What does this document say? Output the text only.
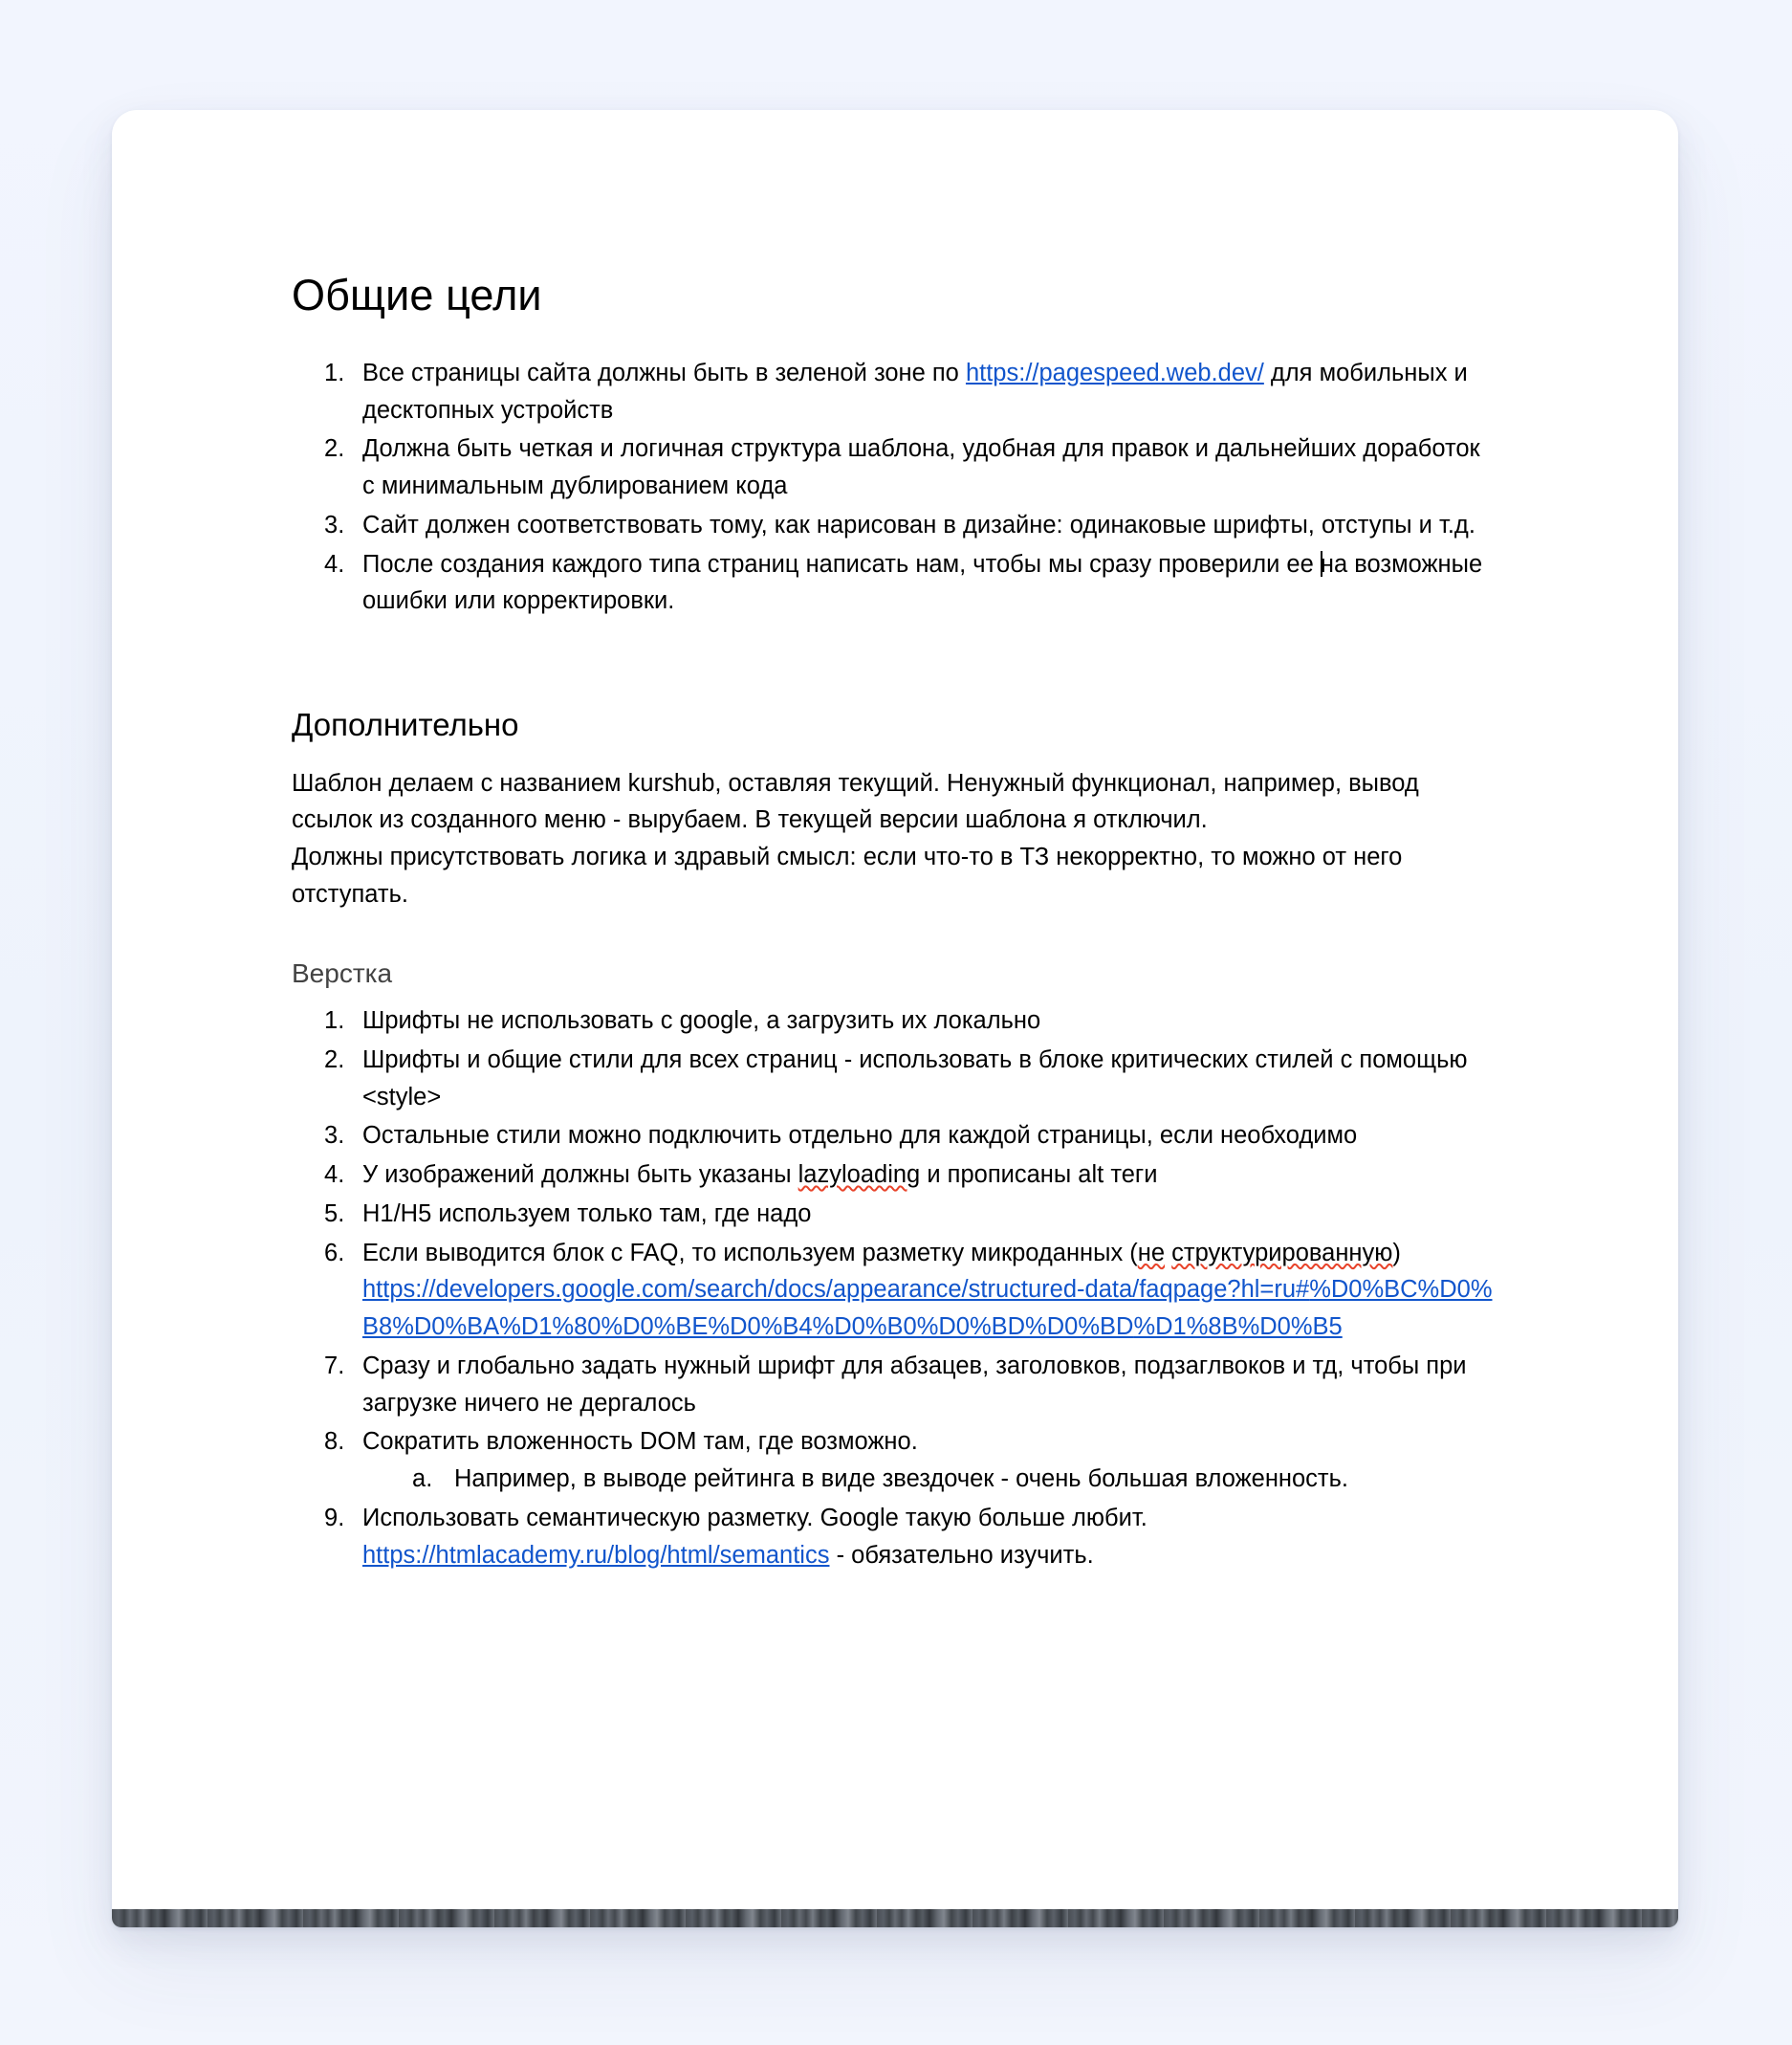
Общие цели
Все страницы сайта должны быть в зеленой зоне по https://pagespeed.web.dev/ для мобильных и десктопных устройств
Должна быть четкая и логичная структура шаблона, удобная для правок и дальнейших доработок с минимальным дублированием кода
Сайт должен соответствовать тому, как нарисован в дизайне: одинаковые шрифты, отступы и т.д.
После создания каждого типа страниц написать нам, чтобы мы сразу проверили ее на возможные ошибки или корректировки.
Дополнительно

Шаблон делаем с названием kurshub, оставляя текущий. Ненужный функционал, например, вывод ссылок из созданного меню - вырубаем. В текущей версии шаблона я отключил.

Должны присутствовать логика и здравый смысл: если что-то в ТЗ некорректно, то можно от него отступать.

Верстка
Шрифты не использовать с google, а загрузить их локально
Шрифты и общие стили для всех страниц - использовать в блоке критических стилей с помощью <style>
Остальные стили можно подключить отдельно для каждой страницы, если необходимо
У изображений должны быть указаны lazyloading и прописаны alt теги
H1/H5 используем только там, где надо
Если выводится блок с FAQ, то используем разметку микроданных (не структурированную)
https://developers.google.com/search/docs/appearance/structured-data/faqpage?hl=ru#%D0%BC%D0%B8%D0%BA%D1%80%D0%BE%D0%B4%D0%B0%D0%BD%D0%BD%D1%8B%D0%B5
Сразу и глобально задать нужный шрифт для абзацев, заголовков, подзаглвоков и тд, чтобы при загрузке ничего не дергалось
Сократить вложенность DOM там, где возможно.
Например, в выводе рейтинга в виде звездочек - очень большая вложенность.
Использовать семантическую разметку. Google такую больше любит.
https://htmlacademy.ru/blog/html/semantics - обязательно изучить.
